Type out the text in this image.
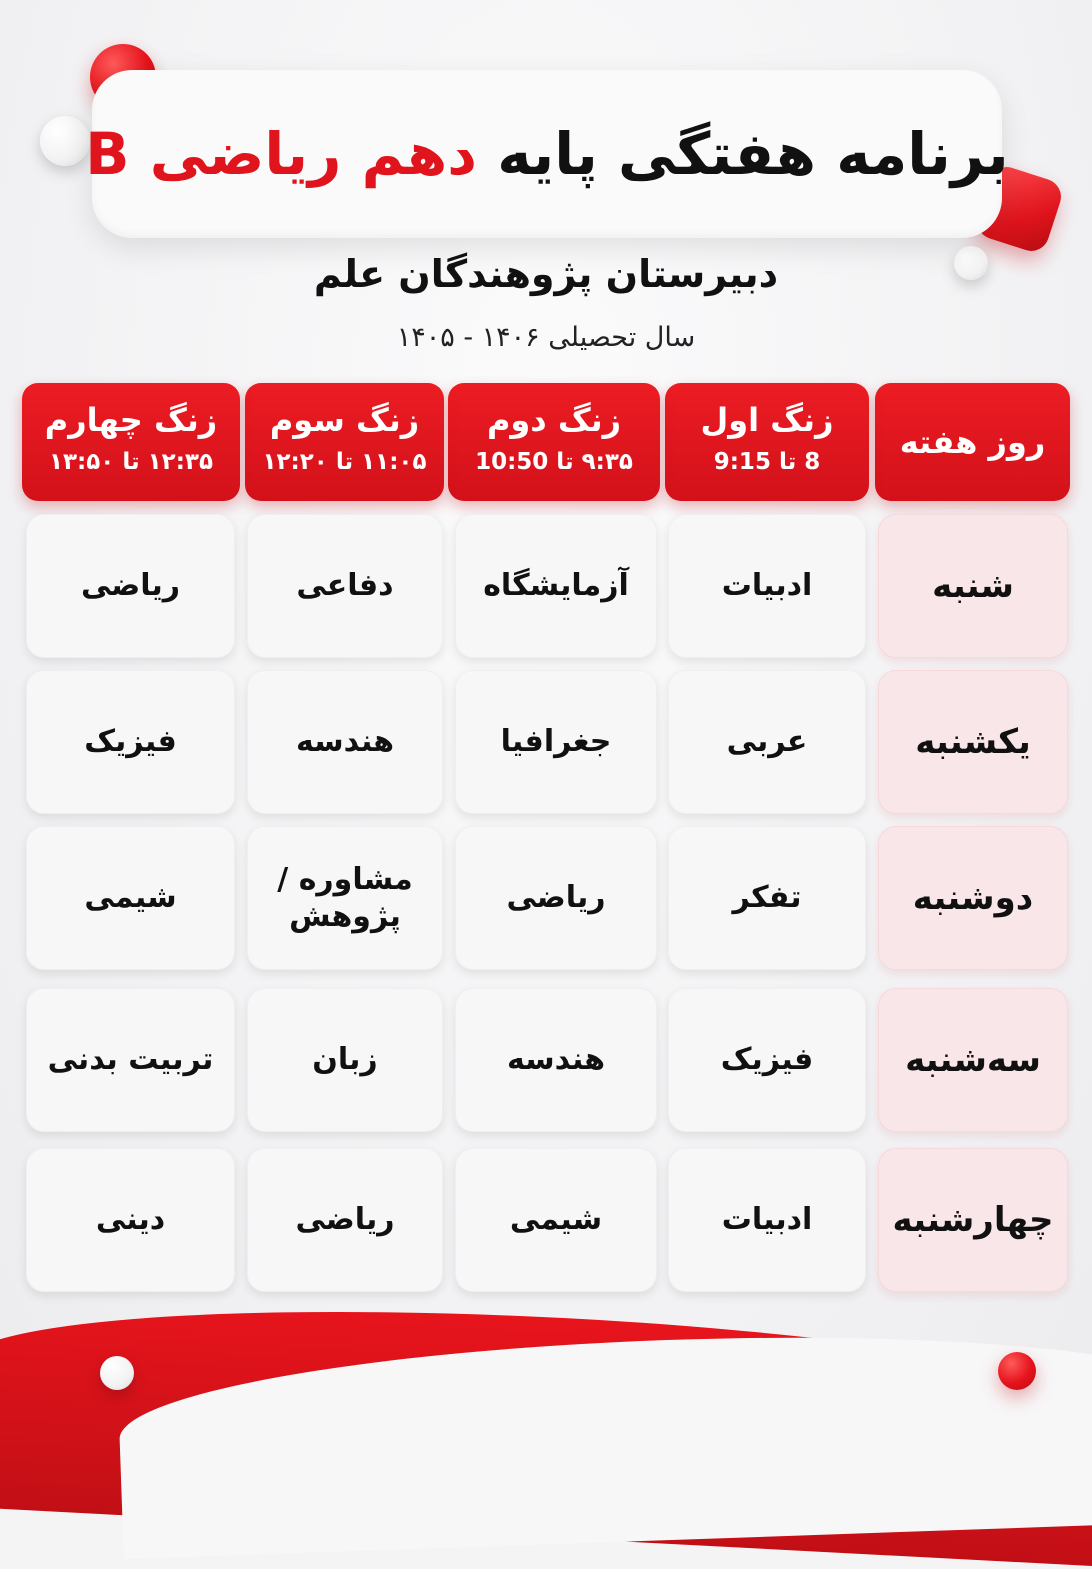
برنامه هفتگی پایه دهم ریاضی B
دبیرستان پژوهندگان علم
سال تحصیلی ۱۴۰۶ - ۱۴۰۵
روز هفته
زنگ اول
8 تا 9:15
زنگ دوم
۹:۳۵ تا 10:50
زنگ سوم
۱۱:۰۵ تا ۱۲:۲۰
زنگ چهارم
۱۲:۳۵ تا ۱۳:۵۰
شنبه
ادبیات
آزمایشگاه
دفاعی
ریاضی
یکشنبه
عربی
جغرافیا
هندسه
فیزیک
دوشنبه
تفکر
ریاضی
مشاوره / پژوهش
شیمی
سه‌شنبه
فیزیک
هندسه
زبان
تربیت بدنی
چهارشنبه
ادبیات
شیمی
ریاضی
دینی
